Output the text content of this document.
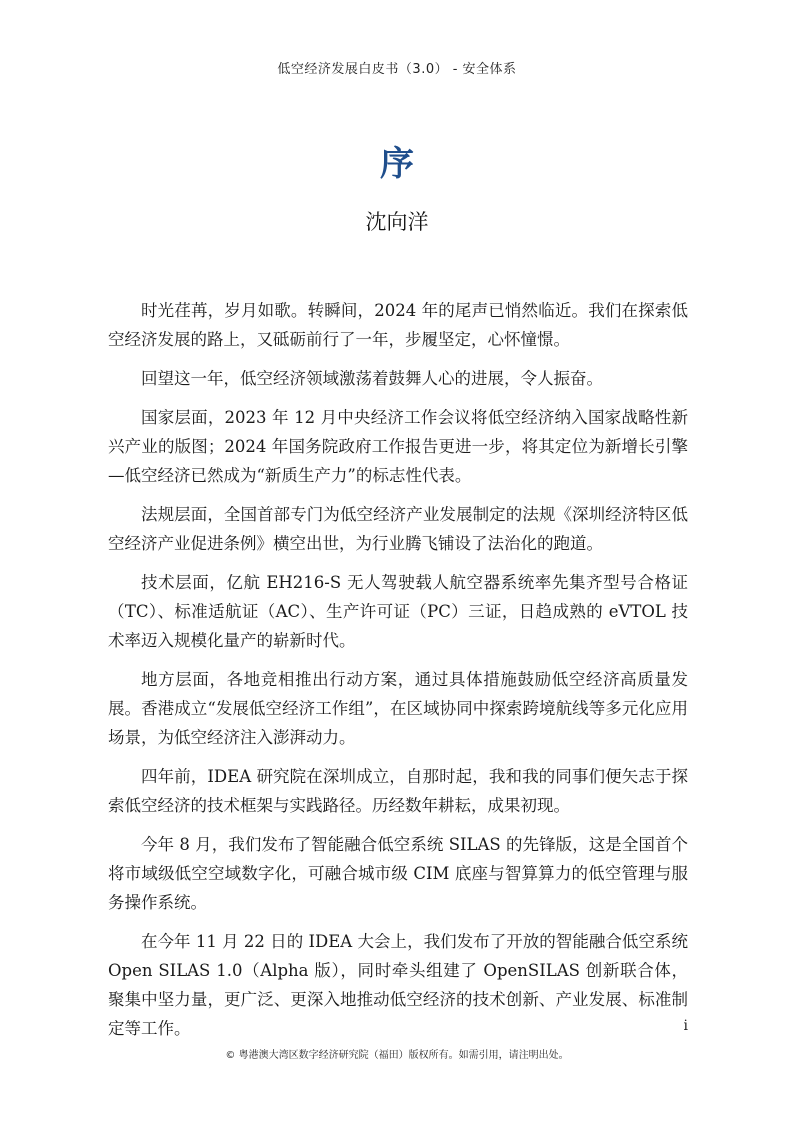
低空经济发展白皮书（3.0） - 安全体系
序
沈向洋

时光荏苒，岁月如歌。转瞬间，2024 年的尾声已悄然临近。我们在探索低空经济发展的路上，又砥砺前行了一年，步履坚定，心怀憧憬。

回望这一年，低空经济领域激荡着鼓舞人心的进展，令人振奋。

国家层面，2023 年 12 月中央经济工作会议将低空经济纳入国家战略性新兴产业的版图；2024 年国务院政府工作报告更进一步，将其定位为新增长引擎—低空经济已然成为“新质生产力”的标志性代表。

法规层面，全国首部专门为低空经济产业发展制定的法规《深圳经济特区低空经济产业促进条例》横空出世，为行业腾飞铺设了法治化的跑道。

技术层面，亿航 EH216-S 无人驾驶载人航空器系统率先集齐型号合格证（TC）、标准适航证（AC）、生产许可证（PC）三证，日趋成熟的 eVTOL 技术率迈入规模化量产的崭新时代。

地方层面，各地竞相推出行动方案，通过具体措施鼓励低空经济高质量发展。香港成立“发展低空经济工作组”，在区域协同中探索跨境航线等多元化应用场景，为低空经济注入澎湃动力。

四年前，IDEA 研究院在深圳成立，自那时起，我和我的同事们便矢志于探索低空经济的技术框架与实践路径。历经数年耕耘，成果初现。

今年 8 月，我们发布了智能融合低空系统 SILAS 的先锋版，这是全国首个将市域级低空空域数字化，可融合城市级 CIM 底座与智算算力的低空管理与服务操作系统。

在今年 11 月 22 日的 IDEA 大会上，我们发布了开放的智能融合低空系统 Open SILAS 1.0（Alpha 版），同时牵头组建了 OpenSILAS 创新联合体，聚集中坚力量，更广泛、更深入地推动低空经济的技术创新、产业发展、标准制定等工作。	i
© 粤港澳大湾区数字经济研究院（福田）版权所有。如需引用，请注明出处。
